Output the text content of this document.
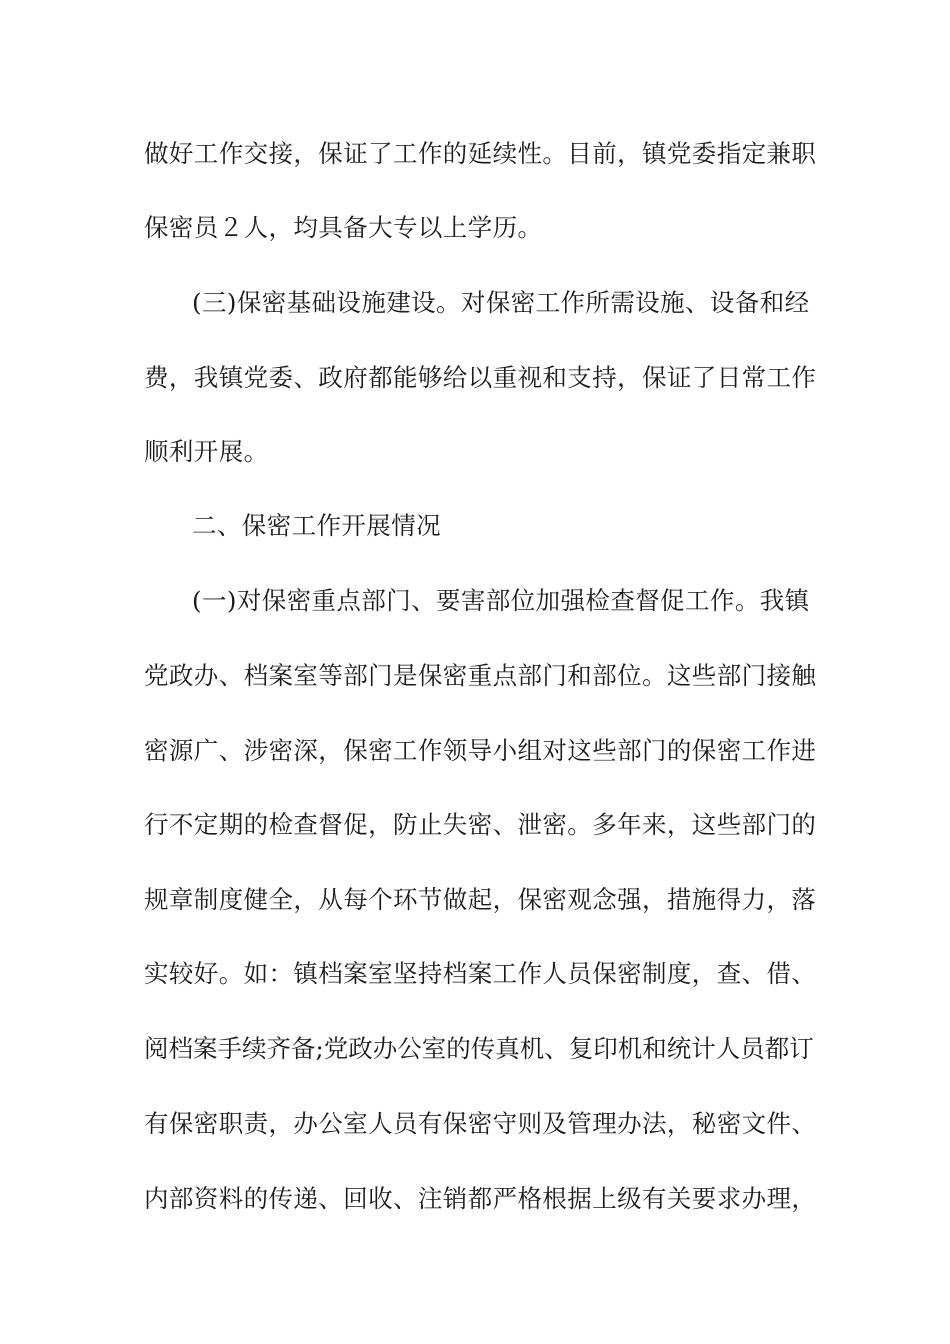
做好工作交接，保证了工作的延续性。目前，镇党委指定兼职
保密员２人，均具备大专以上学历。
(三)保密基础设施建设。对保密工作所需设施、设备和经
费，我镇党委、政府都能够给以重视和支持，保证了日常工作
顺利开展。
二、保密工作开展情况
(一)对保密重点部门、要害部位加强检查督促工作。我镇
党政办、档案室等部门是保密重点部门和部位。这些部门接触
密源广、涉密深，保密工作领导小组对这些部门的保密工作进
行不定期的检查督促，防止失密、泄密。多年来，这些部门的
规章制度健全，从每个环节做起，保密观念强，措施得力，落
实较好。如：镇档案室坚持档案工作人员保密制度，查、借、
阅档案手续齐备;党政办公室的传真机、复印机和统计人员都订
有保密职责，办公室人员有保密守则及管理办法，秘密文件、
内部资料的传递、回收、注销都严格根据上级有关要求办理，
